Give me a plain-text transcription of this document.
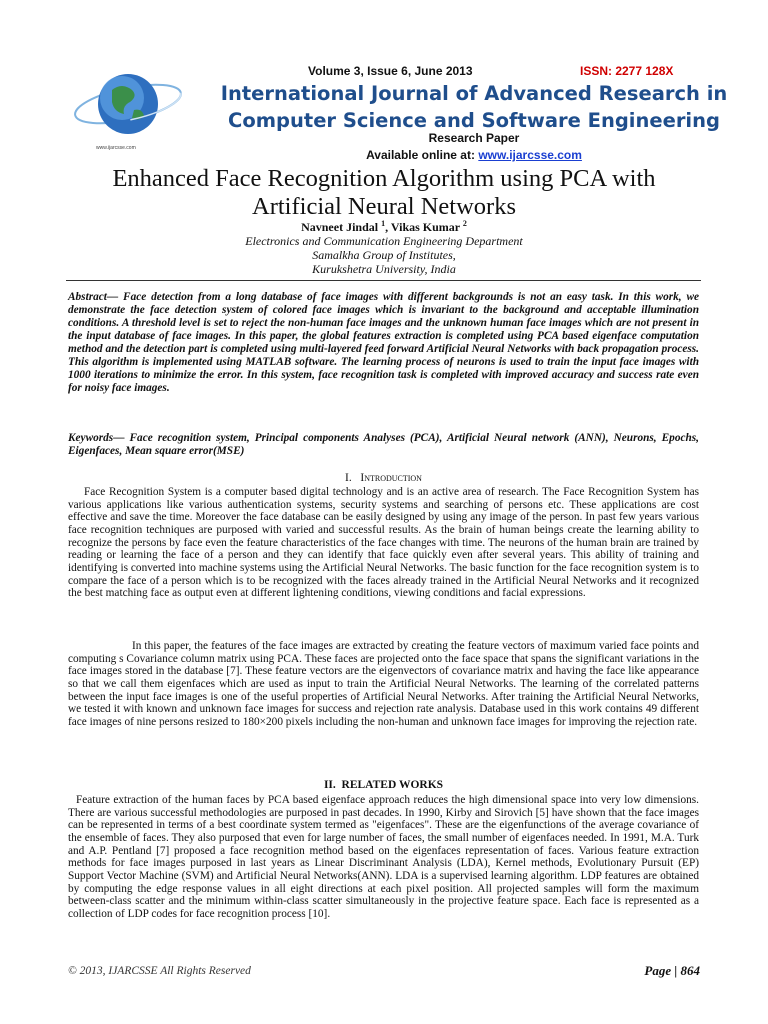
www.ijarcsse.com
Volume 3, Issue 6, June 2013	ISSN: 2277 128X
International Journal of Advanced Research in
Computer Science and Software Engineering
Research Paper
Available online at: www.ijarcsse.com
Enhanced Face Recognition Algorithm using PCA with
Artificial Neural Networks
Navneet Jindal $^1$, Vikas Kumar $^2$
Electronics and Communication Engineering Department
Samalkha Group of Institutes,
Kurukshetra University, India

Abstract— Face detection from a long database of face images with different backgrounds is not an easy task. In this work, we demonstrate the face detection system of colored face images which is invariant to the background and acceptable illumination conditions. A threshold level is set to reject the non-human face images and the unknown human face images which are not present in the input database of face images. In this paper, the global features extraction is completed using PCA based eigenface computation method and the detection part is completed using multi-layered feed forward Artificial Neural Networks with back propagation process. This algorithm is implemented using MATLAB software. The learning process of neurons is used to train the input face images with 1000 iterations to minimize the error. In this system, face recognition task is completed with improved accuracy and success rate even for noisy face images.

Keywords— Face recognition system, Principal components Analyses (PCA), Artificial Neural network (ANN), Neurons, Epochs, Eigenfaces, Mean square error(MSE)

I. Introduction

Face Recognition System is a computer based digital technology and is an active area of research. The Face Recognition System has various applications like various authentication systems, security systems and searching of persons etc. These applications are cost effective and save the time. Moreover the face database can be easily designed by using any image of the person. In past few years various face recognition techniques are purposed with varied and successful results. As the brain of human beings create the learning ability to recognize the persons by face even the feature characteristics of the face changes with time. The neurons of the human brain are trained by reading or learning the face of a person and they can identify that face quickly even after several years. This ability of training and identifying is converted into machine systems using the Artificial Neural Networks. The basic function for the face recognition system is to compare the face of a person which is to be recognized with the faces already trained in the Artificial Neural Networks and it recognized the best matching face as output even at different lightening conditions, viewing conditions and facial expressions.

In this paper, the features of the face images are extracted by creating the feature vectors of maximum varied face points and computing s Covariance column matrix using PCA. These faces are projected onto the face space that spans the significant variations in the face images stored in the database [7]. These feature vectors are the eigenvectors of covariance matrix and having the face like appearance so that we call them eigenfaces which are used as input to train the Artificial Neural Networks. The learning of the correlated patterns between the input face images is one of the useful properties of Artificial Neural Networks. After training the Artificial Neural Networks, we tested it with known and unknown face images for success and rejection rate analysis. Database used in this work contains 49 different face images of nine persons resized to 180×200 pixels including the non-human and unknown face images for improving the rejection rate.

II. RELATED WORKS

Feature extraction of the human faces by PCA based eigenface approach reduces the high dimensional space into very low dimensions. There are various successful methodologies are purposed in past decades. In 1990, Kirby and Sirovich [5] have shown that the face images can be represented in terms of a best coordinate system termed as "eigenfaces". These are the eigenfunctions of the average covariance of the ensemble of faces. They also purposed that even for large number of faces, the small number of eigenfaces needed. In 1991, M.A. Turk and A.P. Pentland [7] proposed a face recognition method based on the eigenfaces representation of faces. Various feature extraction methods for face images purposed in last years as Linear Discriminant Analysis (LDA), Kernel methods, Evolutionary Pursuit (EP) Support Vector Machine (SVM) and Artificial Neural Networks(ANN). LDA is a supervised learning algorithm. LDP features are obtained by computing the edge response values in all eight directions at each pixel position. All projected samples will form the maximum between-class scatter and the minimum within-class scatter simultaneously in the projective feature space. Each face is represented as a collection of LDP codes for face recognition process [10].

© 2013, IJARCSSE All Rights Reserved	Page | 864
